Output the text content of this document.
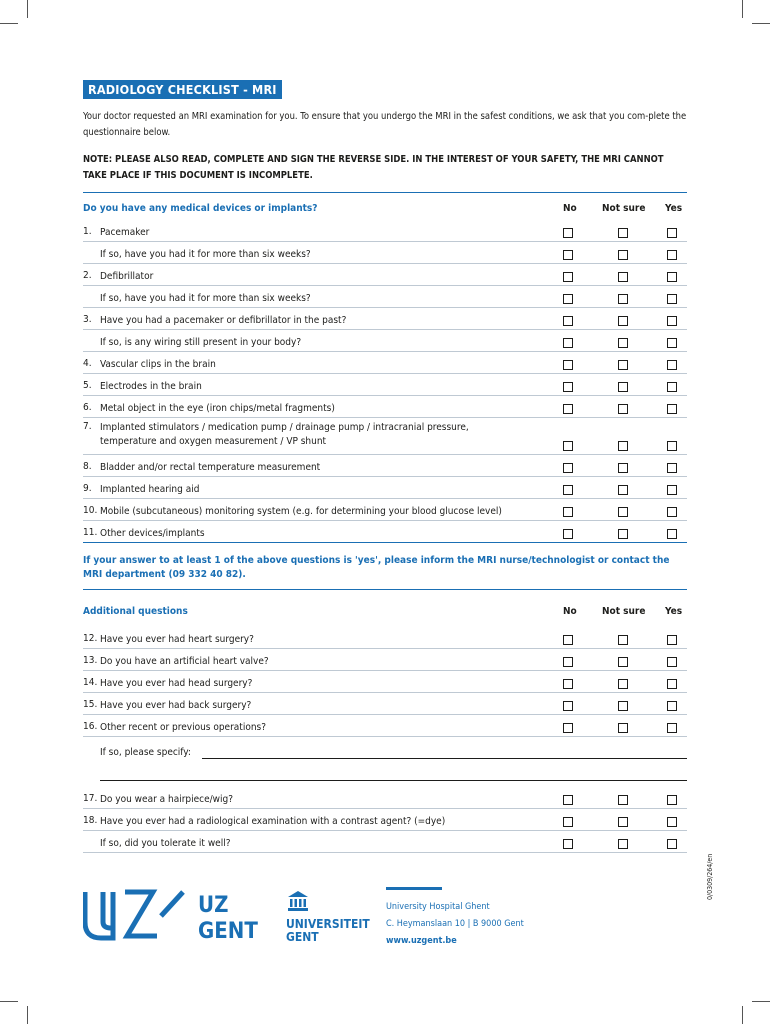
RADIOLOGY CHECKLIST - MRI
Your doctor requested an MRI examination for you. To ensure that you undergo the MRI in the safest conditions, we ask that you com-plete the questionnaire below.
NOTE: PLEASE ALSO READ, COMPLETE AND SIGN THE REVERSE SIDE. IN THE INTEREST OF YOUR SAFETY, THE MRI CANNOT TAKE PLACE IF THIS DOCUMENT IS INCOMPLETE.
Do you have any medical devices or implants?	No	Not sure Yes
1. Pacemaker
If so, have you had it for more than six weeks?
2. Defibrillator
If so, have you had it for more than six weeks?
3. Have you had a pacemaker or defibrillator in the past?
If so, is any wiring still present in your body?
4. Vascular clips in the brain
5. Electrodes in the brain
6. Metal object in the eye (iron chips/metal fragments)
7. Implanted stimulators / medication pump / drainage pump / intracranial pressure,
temperature and oxygen measurement / VP shunt
8. Bladder and/or rectal temperature measurement
9. Implanted hearing aid
10. Mobile (subcutaneous) monitoring system (e.g. for determining your blood glucose level)
11. Other devices/implants
If your answer to at least 1 of the above questions is 'yes', please inform the MRI nurse/technologist or contact the MRI department (09 332 40 82).
Additional questions	No	Not sure Yes
12. Have you ever had heart surgery?
13. Do you have an artificial heart valve?
14. Have you ever had head surgery?
15. Have you ever had back surgery?
16. Other recent or previous operations?
If so, please specify:
17. Do you wear a hairpiece/wig?
18. Have you ever had a radiological examination with a contrast agent? (=dye)
If so, did you tolerate it well?
UZ
GENT UNIVERSITEIT
GENT
University Hospital Ghent
C. Heymanslaan 10 | B 9000 Gent
www.uzgent.be
0/0309/264/en
